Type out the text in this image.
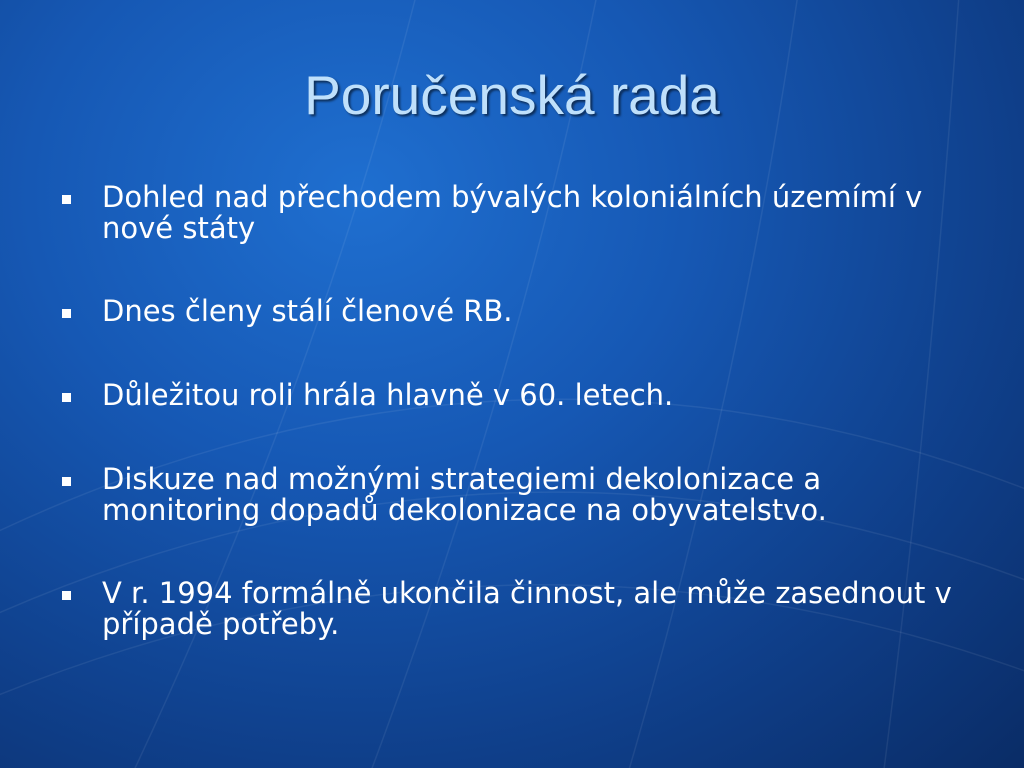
Poručenská rada
Dohled nad přechodem bývalých koloniálních územímí v nové státy
Dnes členy stálí členové RB.
Důležitou roli hrála hlavně v 60. letech.
Diskuze nad možnými strategiemi dekolonizace a monitoring dopadů dekolonizace na obyvatelstvo.
V r. 1994 formálně ukončila činnost, ale může zasednout v případě potřeby.
